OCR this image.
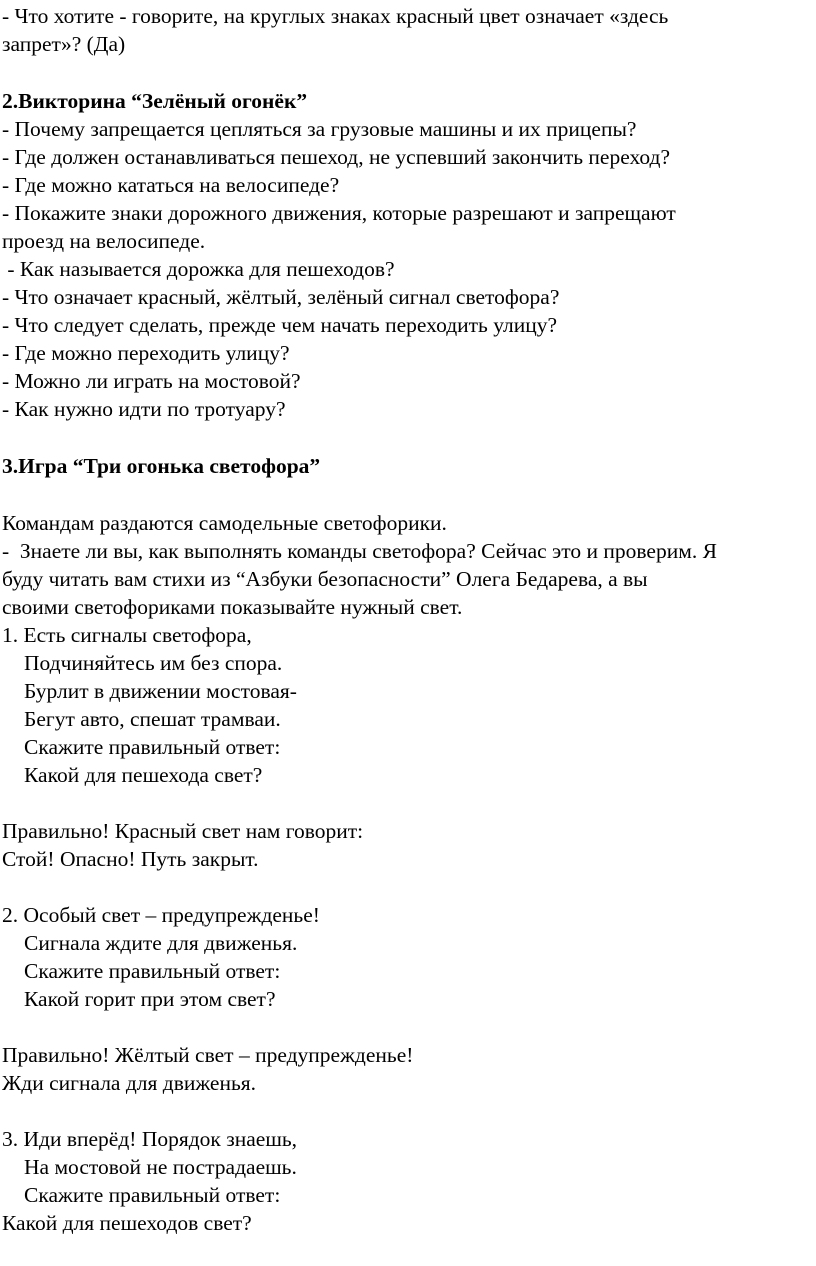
- Что хотите - говорите, на круглых знаках красный цвет означает «здесь
запрет»? (Да)
2.Викторина “Зелёный огонёк”
- Почему запрещается цепляться за грузовые машины и их прицепы?
- Где должен останавливаться пешеход, не успевший закончить переход?
- Где можно кататься на велосипеде?
- Покажите знаки дорожного движения, которые разрешают и запрещают
проезд на велосипеде.
- Как называется дорожка для пешеходов?
- Что означает красный, жёлтый, зелёный сигнал светофора?
- Что следует сделать, прежде чем начать переходить улицу?
- Где можно переходить улицу?
- Можно ли играть на мостовой?
- Как нужно идти по тротуару?
3.Игра “Три огонька светофора”
Командам раздаются самодельные светофорики.
-  Знаете ли вы, как выполнять команды светофора? Сейчас это и проверим. Я
буду читать вам стихи из “Азбуки безопасности” Олега Бедарева, а вы
своими светофориками показывайте нужный свет.
1. Есть сигналы светофора,
Подчиняйтесь им без спора.
Бурлит в движении мостовая-
Бегут авто, спешат трамваи.
Скажите правильный ответ:
Какой для пешехода свет?
Правильно! Красный свет нам говорит:
Стой! Опасно! Путь закрыт.
2. Особый свет – предупрежденье!
Сигнала ждите для движенья.
Скажите правильный ответ:
Какой горит при этом свет?
Правильно! Жёлтый свет – предупрежденье!
Жди сигнала для движенья.
3. Иди вперёд! Порядок знаешь,
На мостовой не пострадаешь.
Скажите правильный ответ:
Какой для пешеходов свет?
